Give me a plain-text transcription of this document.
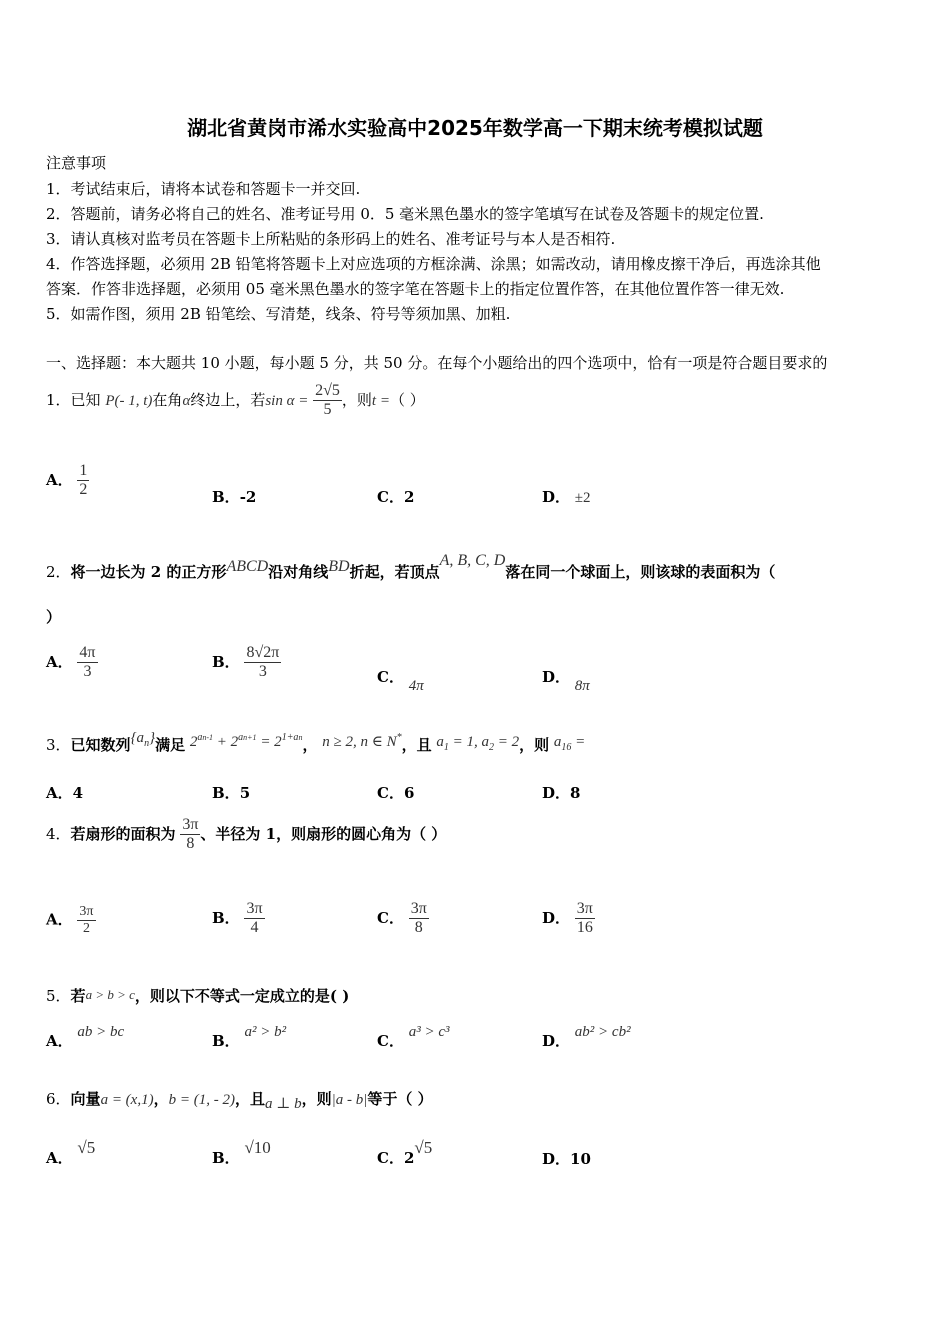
湖北省黄岗市浠水实验高中2025年数学高一下期末统考模拟试题
注意事项
1．考试结束后，请将本试卷和答题卡一并交回.
2．答题前，请务必将自己的姓名、准考证号用 0．5 毫米黑色墨水的签字笔填写在试卷及答题卡的规定位置.
3．请认真核对监考员在答题卡上所粘贴的条形码上的姓名、准考证号与本人是否相符.
4．作答选择题，必须用 2B 铅笔将答题卡上对应选项的方框涂满、涂黑；如需改动，请用橡皮擦干净后，再选涂其他
答案．作答非选择题，必须用 05 毫米黑色墨水的签字笔在答题卡上的指定位置作答，在其他位置作答一律无效.
5．如需作图，须用 2B 铅笔绘、写清楚，线条、符号等须加黑、加粗.
一、选择题：本大题共 10 小题，每小题 5 分，共 50 分。在每个小题给出的四个选项中，恰有一项是符合题目要求的
1．已知 P(- 1, t)在角α终边上，若$\sin \alpha = \frac{2√5}{5}$ ，则t =（ ）
A． $\frac{1}{2}$	B．-2	C．2	D． ±2
2．将一边长为 2 的正方形ABCD沿对角线BD折起，若顶点A, B, C, D落在同一个球面上，则该球的表面积为（
）
A． $\frac{4\pi}{3}$	B． $\frac{8√2\pi}{3}$	C． 4π	D． 8π
3．已知数列$\{a_n\}$满足 $2^{an-1} + 2^{an+1} = 2^{1+an}$， n ≥ 2, n ∈ N*，且 $a_1 = 1$, $a_2 = 2$，则 $a_{16}$ =
A．4	B．5	C．6	D．8
4．若扇形的面积为 $\frac{3\pi}{8}$ 、半径为 1，则扇形的圆心角为（ ）
A． $\frac{3\pi}{2}$	B． $\frac{3\pi}{4}$	C． $\frac{3\pi}{8}$	D． $\frac{3\pi}{16}$
5．若a > b > c，则以下不等式一定成立的是( )
A． ab > bc	B． a² > b²	C． a³ > c³	D． ab² > cb²
6．向量a = (x,1)，b = (1, - 2)，且a ⊥ b，则|a - b|等于（ ）
A． √5
B． √10
C．2√5
D．10
